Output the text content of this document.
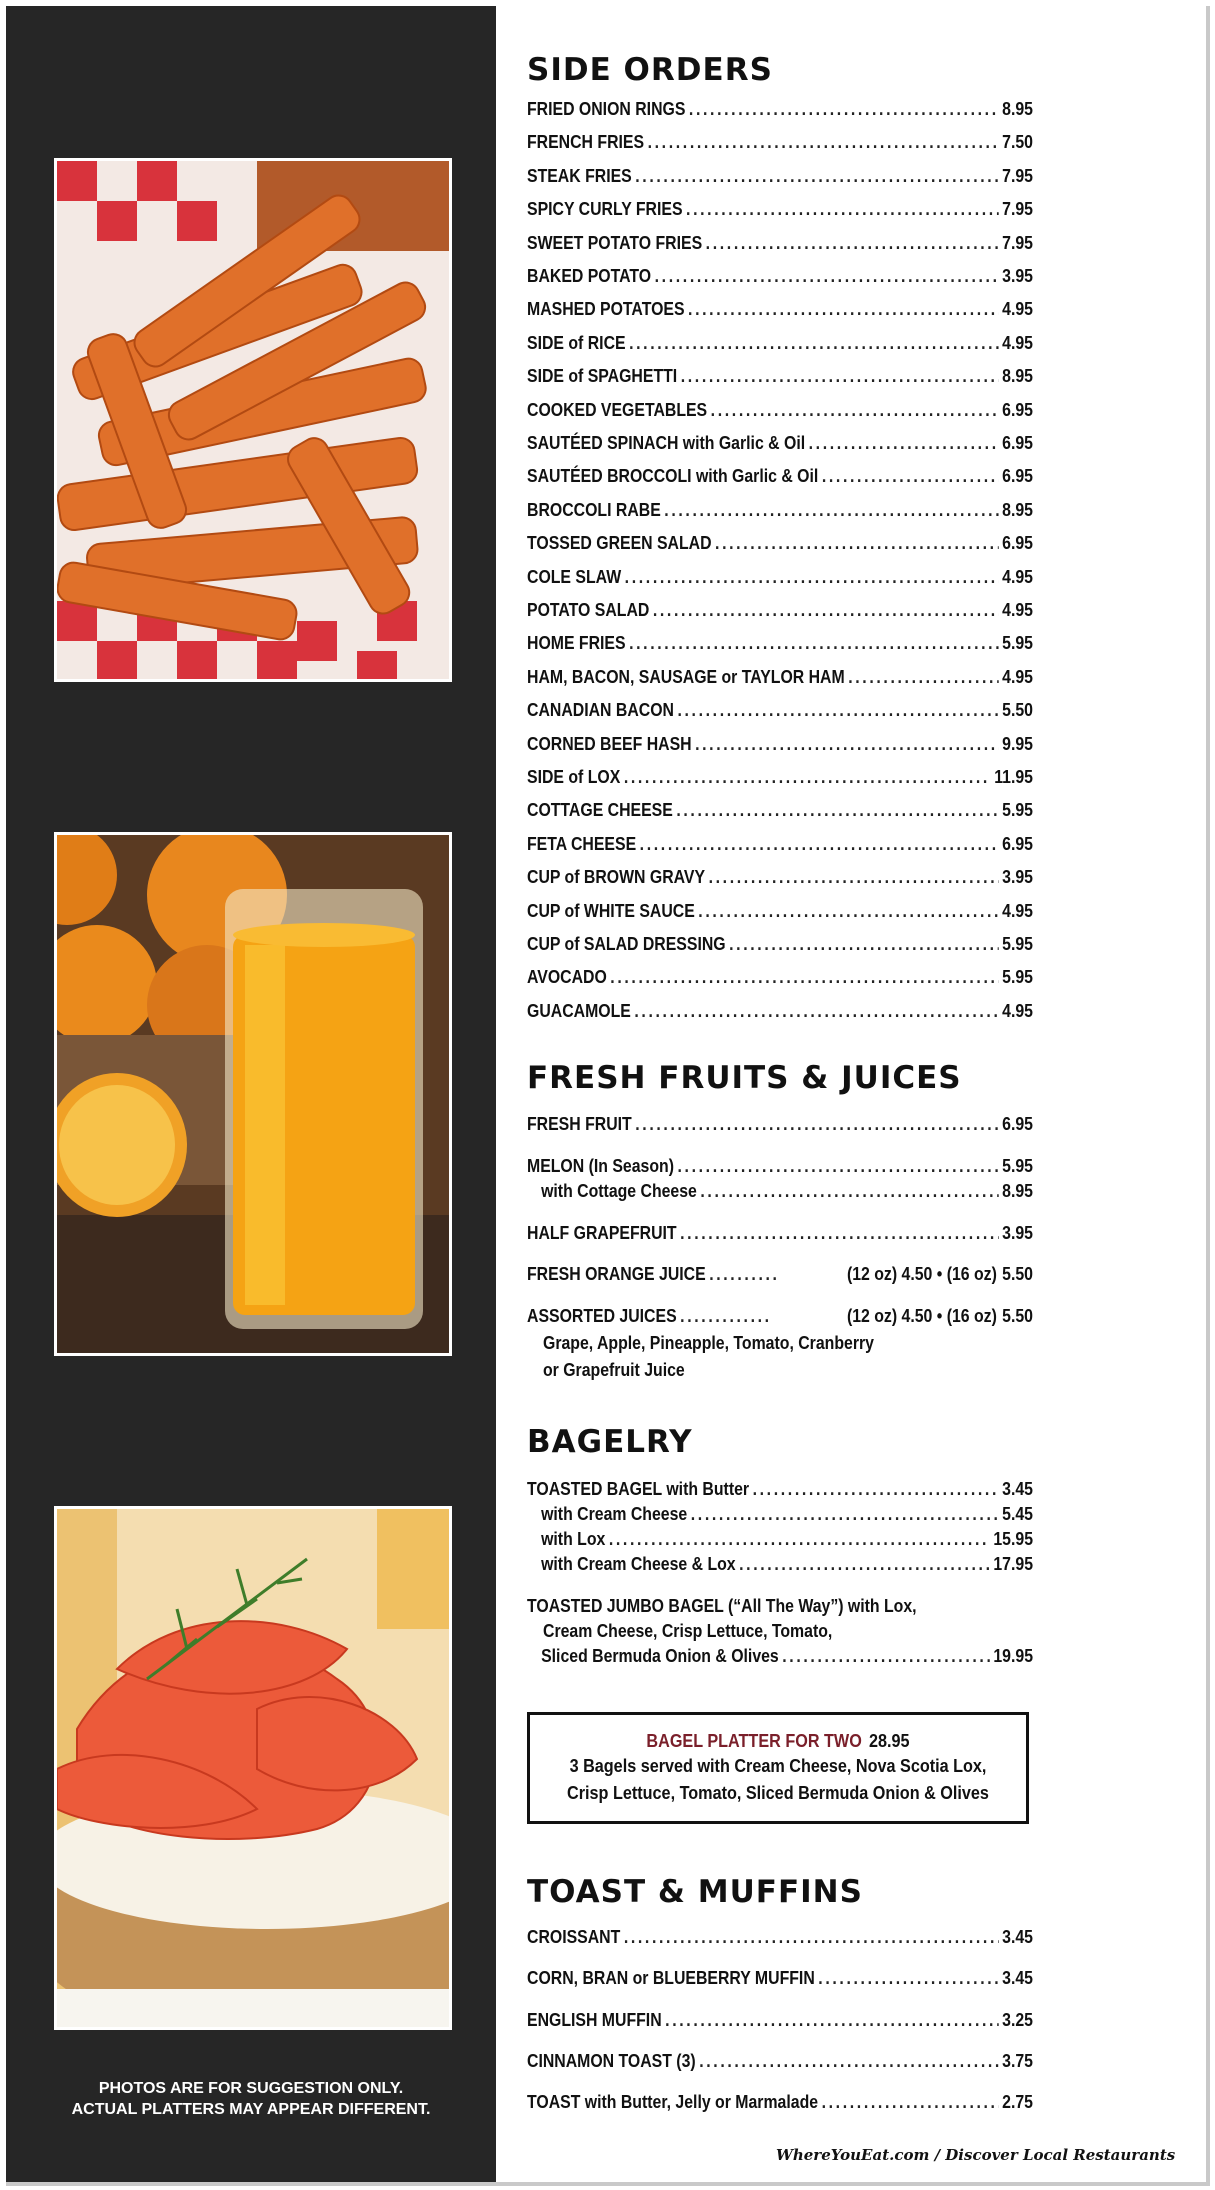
PHOTOS ARE FOR SUGGESTION ONLY.
ACTUAL PLATTERS MAY APPEAR DIFFERENT.
SIDE ORDERS
FRIED ONION RINGS .....	8.95
FRENCH FRIES .....	7.50
STEAK FRIES .....	7.95
SPICY CURLY FRIES .....	7.95
SWEET POTATO FRIES .....	7.95
BAKED POTATO .....	3.95
MASHED POTATOES .....	4.95
SIDE of RICE .....	4.95
SIDE of SPAGHETTI .....	8.95
COOKED VEGETABLES .....	6.95
SAUTÉED SPINACH with Garlic & Oil .....	6.95
SAUTÉED BROCCOLI with Garlic & Oil .....	6.95
BROCCOLI RABE .....	8.95
TOSSED GREEN SALAD .....	6.95
COLE SLAW .....	4.95
POTATO SALAD .....	4.95
HOME FRIES .....	5.95
HAM, BACON, SAUSAGE or TAYLOR HAM .....	4.95
CANADIAN BACON .....	5.50
CORNED BEEF HASH .....	9.95
SIDE of LOX .....	11.95
COTTAGE CHEESE .....	5.95
FETA CHEESE .....	6.95
CUP of BROWN GRAVY .....	3.95
CUP of WHITE SAUCE .....	4.95
CUP of SALAD DRESSING .....	5.95
AVOCADO .....	5.95
GUACAMOLE .....	4.95
FRESH FRUITS & JUICES
FRESH FRUIT .....	6.95
MELON (In Season) .....	5.95
with Cottage Cheese .....	8.95
HALF GRAPEFRUIT .....	3.95
FRESH ORANGE JUICE .....	(12 oz) 4.50 • (16 oz) 5.50
ASSORTED JUICES .....	(12 oz) 4.50 • (16 oz) 5.50
Grape, Apple, Pineapple, Tomato, Cranberry
or Grapefruit Juice
BAGELRY
TOASTED BAGEL with Butter .....	3.45
with Cream Cheese .....	5.45
with Lox .....	15.95
with Cream Cheese & Lox .....	17.95
TOASTED JUMBO BAGEL (“All The Way”) with Lox,
Cream Cheese, Crisp Lettuce, Tomato,
Sliced Bermuda Onion & Olives .....	19.95
BAGEL PLATTER FOR TWO 28.95
3 Bagels served with Cream Cheese, Nova Scotia Lox,
Crisp Lettuce, Tomato, Sliced Bermuda Onion & Olives
TOAST & MUFFINS
CROISSANT .....	3.45
CORN, BRAN or BLUEBERRY MUFFIN .....	3.45
ENGLISH MUFFIN .....	3.25
CINNAMON TOAST (3) .....	3.75
TOAST with Butter, Jelly or Marmalade .....	2.75
WhereYouEat.com / Discover Local Restaurants
